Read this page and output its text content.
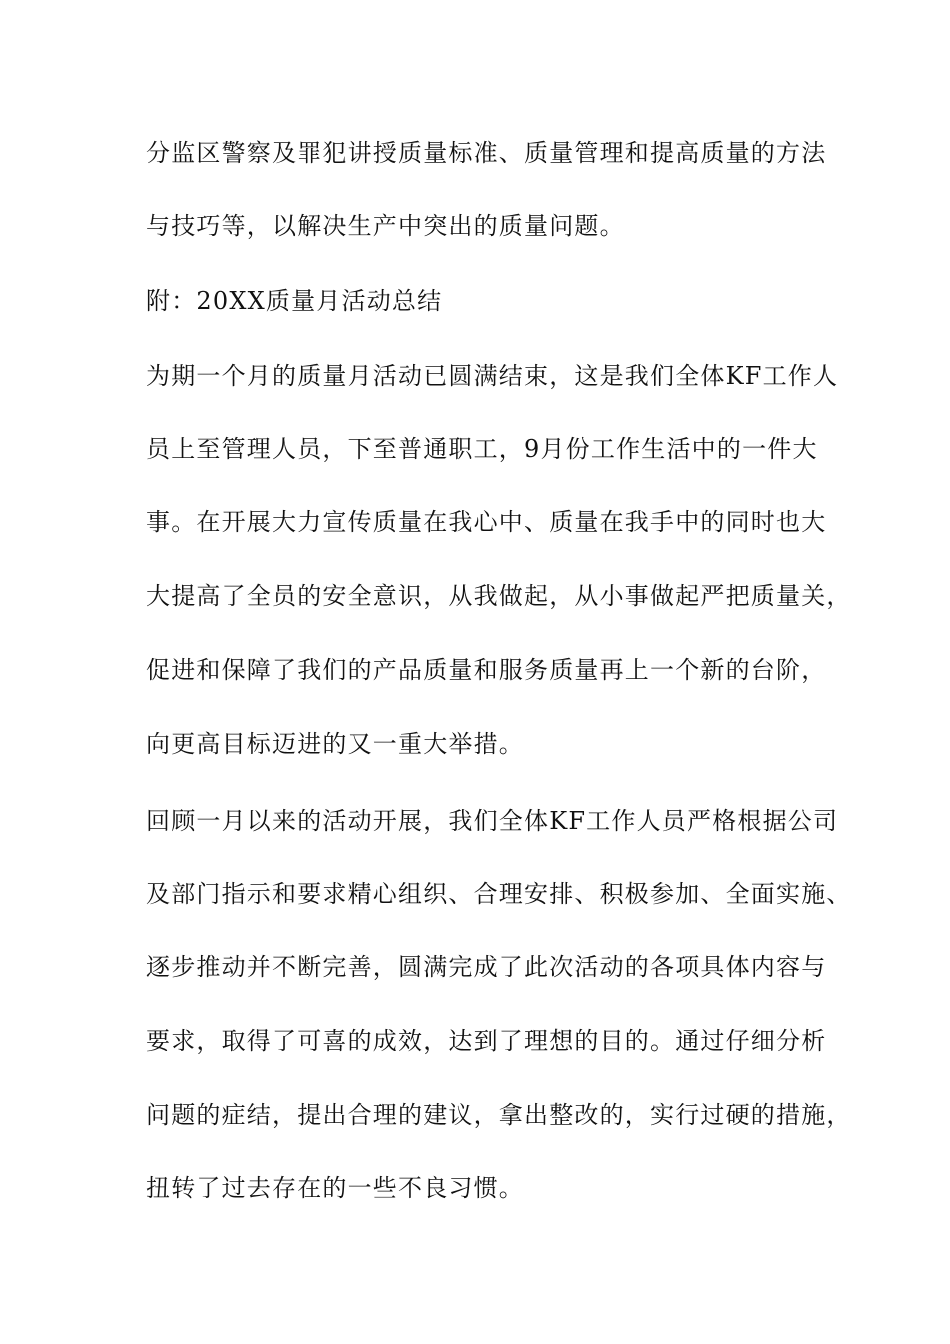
分监区警察及罪犯讲授质量标准、质量管理和提高质量的方法
与技巧等，以解决生产中突出的质量问题。
附：20XX质量月活动总结
为期一个月的质量月活动已圆满结束，这是我们全体KF工作人
员上至管理人员，下至普通职工，9月份工作生活中的一件大
事。在开展大力宣传质量在我心中、质量在我手中的同时也大
大提高了全员的安全意识，从我做起，从小事做起严把质量关，
促进和保障了我们的产品质量和服务质量再上一个新的台阶，
向更高目标迈进的又一重大举措。
回顾一月以来的活动开展，我们全体KF工作人员严格根据公司
及部门指示和要求精心组织、合理安排、积极参加、全面实施、
逐步推动并不断完善，圆满完成了此次活动的各项具体内容与
要求，取得了可喜的成效，达到了理想的目的。通过仔细分析
问题的症结，提出合理的建议，拿出整改的，实行过硬的措施，
扭转了过去存在的一些不良习惯。
